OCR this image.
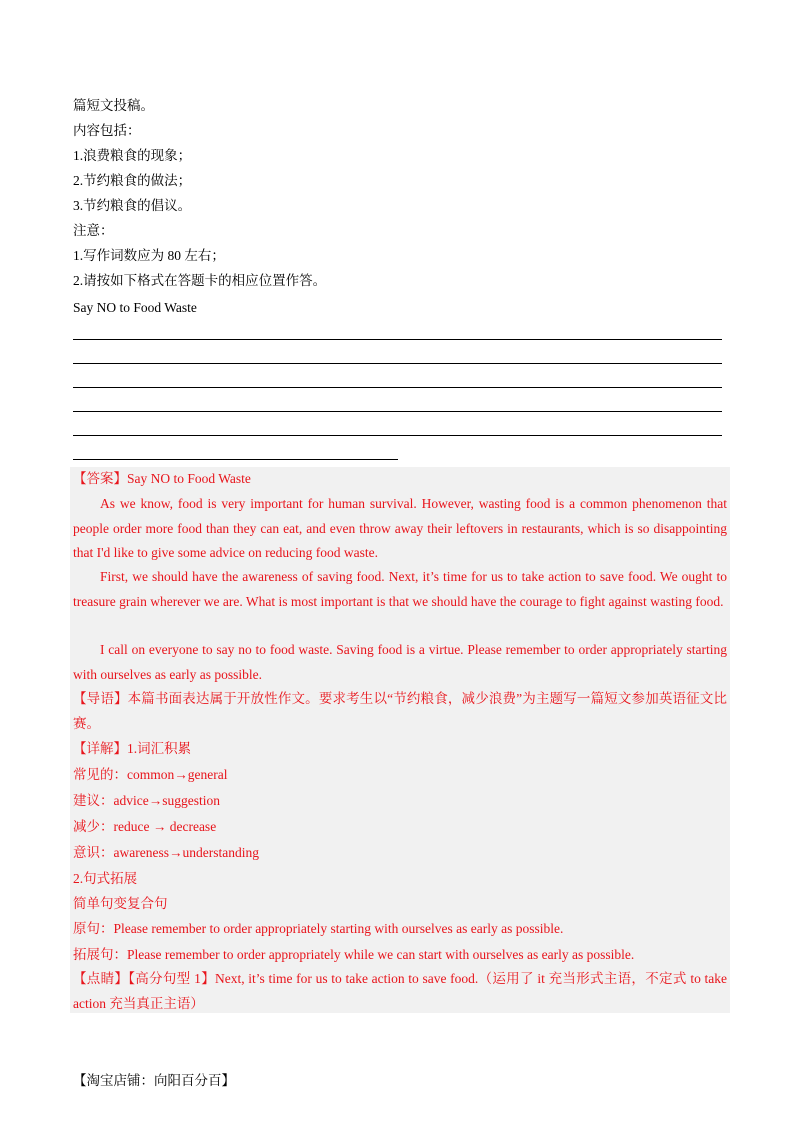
篇短文投稿。
内容包括：
1.浪费粮食的现象；
2.节约粮食的做法；
3.节约粮食的倡议。
注意：
1.写作词数应为 80 左右；
2.请按如下格式在答题卡的相应位置作答。
Say NO to Food Waste
【答案】Say NO to Food Waste

As we know, food is very important for human survival. However, wasting food is a common phenomenon that people order more food than they can eat, and even throw away their leftovers in restaurants, which is so disappointing that I'd like to give some advice on reducing food waste.

First, we should have the awareness of saving food. Next, it’s time for us to take action to save food. We ought to treasure grain wherever we are. What is most important is that we should have the courage to fight against wasting food.

I call on everyone to say no to food waste. Saving food is a virtue. Please remember to order appropriately starting with ourselves as early as possible.

【导语】本篇书面表达属于开放性作文。要求考生以“节约粮食，减少浪费”为主题写一篇短文参加英语征文比赛。

【详解】1.词汇积累
常见的：common→general
建议：advice→suggestion
减少：reduce → decrease
意识：awareness→understanding
2.句式拓展
简单句变复合句
原句：Please remember to order appropriately starting with ourselves as early as possible.
拓展句：Please remember to order appropriately while we can start with ourselves as early as possible.

【点睛】【高分句型 1】Next, it’s time for us to take action to save food.（运用了 it 充当形式主语，不定式 to take action 充当真正主语）

【淘宝店铺：向阳百分百】
